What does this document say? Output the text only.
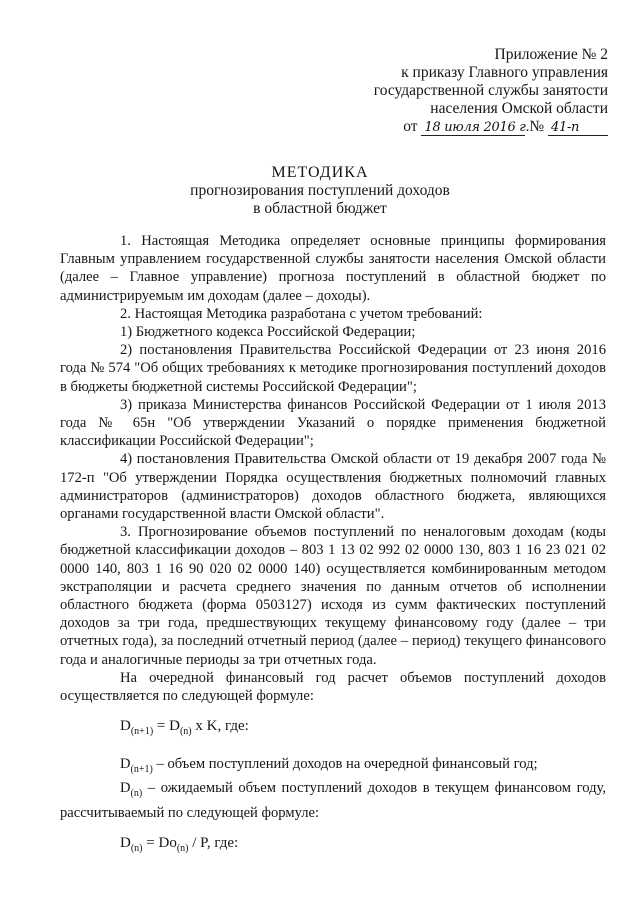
Приложение № 2
к приказу Главного управления
государственной службы занятости
населения Омской области
от 18 июля 2016 г. № 41-п
МЕТОДИКА
прогнозирования поступлений доходов
в областной бюджет

1. Настоящая Методика определяет основные принципы формирования Главным управлением государственной службы занятости населения Омской области (далее – Главное управление) прогноза поступлений в областной бюджет по администрируемым им доходам (далее – доходы).

2. Настоящая Методика разработана с учетом требований:

1) Бюджетного кодекса Российской Федерации;

2) постановления Правительства Российской Федерации от 23 июня 2016 года № 574 "Об общих требованиях к методике прогнозирования поступлений доходов в бюджеты бюджетной системы Российской Федерации";

3) приказа Министерства финансов Российской Федерации от 1 июля 2013 года № 65н "Об утверждении Указаний о порядке применения бюджетной классификации Российской Федерации";

4) постановления Правительства Омской области от 19 декабря 2007 года № 172-п "Об утверждении Порядка осуществления бюджетных полномочий главных администраторов (администраторов) доходов областного бюджета, являющихся органами государственной власти Омской области".

3. Прогнозирование объемов поступлений по неналоговым доходам (коды бюджетной классификации доходов – 803 1 13 02 992 02 0000 130, 803 1 16 23 021 02 0000 140, 803 1 16 90 020 02 0000 140) осуществляется комбинированным методом экстраполяции и расчета среднего значения по данным отчетов об исполнении областного бюджета (форма 0503127) исходя из сумм фактических поступлений доходов за три года, предшествующих текущему финансовому году (далее – три отчетных года), за последний отчетный период (далее – период) текущего финансового года и аналогичные периоды за три отчетных года.

На очередной финансовый год расчет объемов поступлений доходов осуществляется по следующей формуле:

$D_{(n+1)} = D_{(n)}$ x K, где:

$D_{(n+1)}$ – объем поступлений доходов на очередной финансовый год;

$D_{(n)}$ – ожидаемый объем поступлений доходов в текущем финансовом году, рассчитываемый по следующей формуле:

$D_{(n)} = Do_{(n)} / P$, где:
